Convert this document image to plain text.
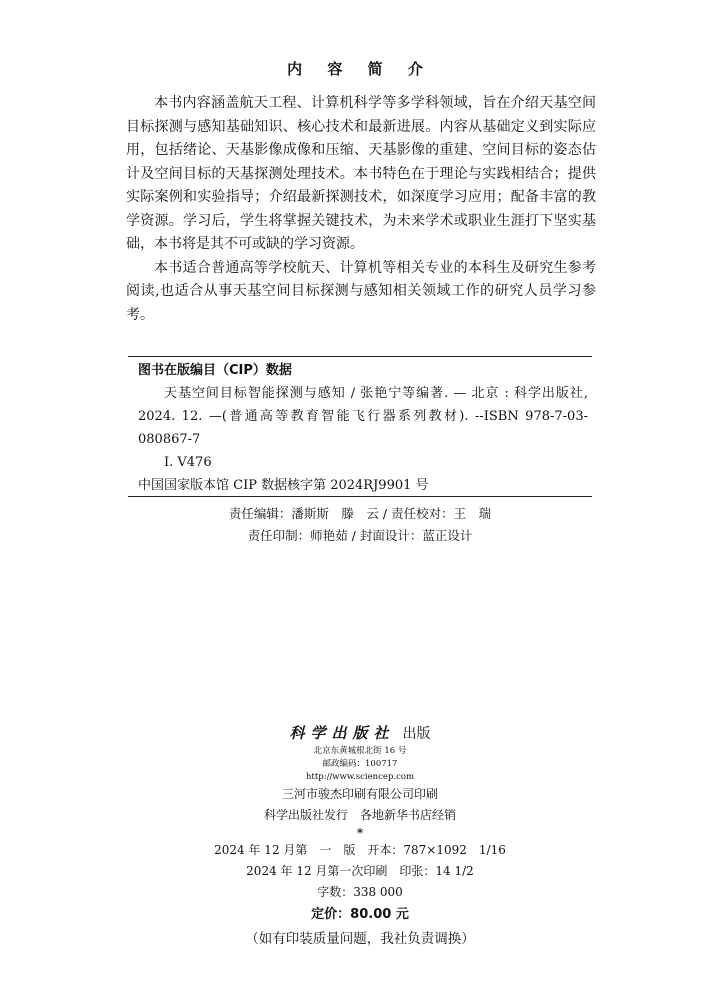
内 容 简 介

本书内容涵盖航天工程、计算机科学等多学科领域，旨在介绍天基空间目标探测与感知基础知识、核心技术和最新进展。内容从基础定义到实际应用，包括绪论、天基影像成像和压缩、天基影像的重建、空间目标的姿态估计及空间目标的天基探测处理技术。本书特色在于理论与实践相结合；提供实际案例和实验指导；介绍最新探测技术，如深度学习应用；配备丰富的教学资源。学习后，学生将掌握关键技术，为未来学术或职业生涯打下坚实基础，本书将是其不可或缺的学习资源。

本书适合普通高等学校航天、计算机等相关专业的本科生及研究生参考阅读,也适合从事天基空间目标探测与感知相关领域工作的研究人员学习参考。

图书在版编目（CIP）数据
天基空间目标智能探测与感知 / 张艳宁等编著. — 北京 : 科学出版社, 2024. 12. —(普通高等教育智能飞行器系列教材). --ISBN 978-7-03-080867-7
Ⅰ. V476
中国国家版本馆 CIP 数据核字第 2024RJ9901 号
责任编辑：潘斯斯　滕　云 / 责任校对：王　瑞
责任印制：师艳茹 / 封面设计：蓝正设计
科学出版社 出版
北京东黄城根北街 16 号
邮政编码：100717
http://www.sciencep.com
三河市骏杰印刷有限公司印刷
科学出版社发行　各地新华书店经销
*
2024 年 12 月第　一　版　开本：787×1092　1/16
2024 年 12 月第一次印刷　印张：14 1/2
字数：338 000
定价：80.00 元
（如有印装质量问题，我社负责调换）
